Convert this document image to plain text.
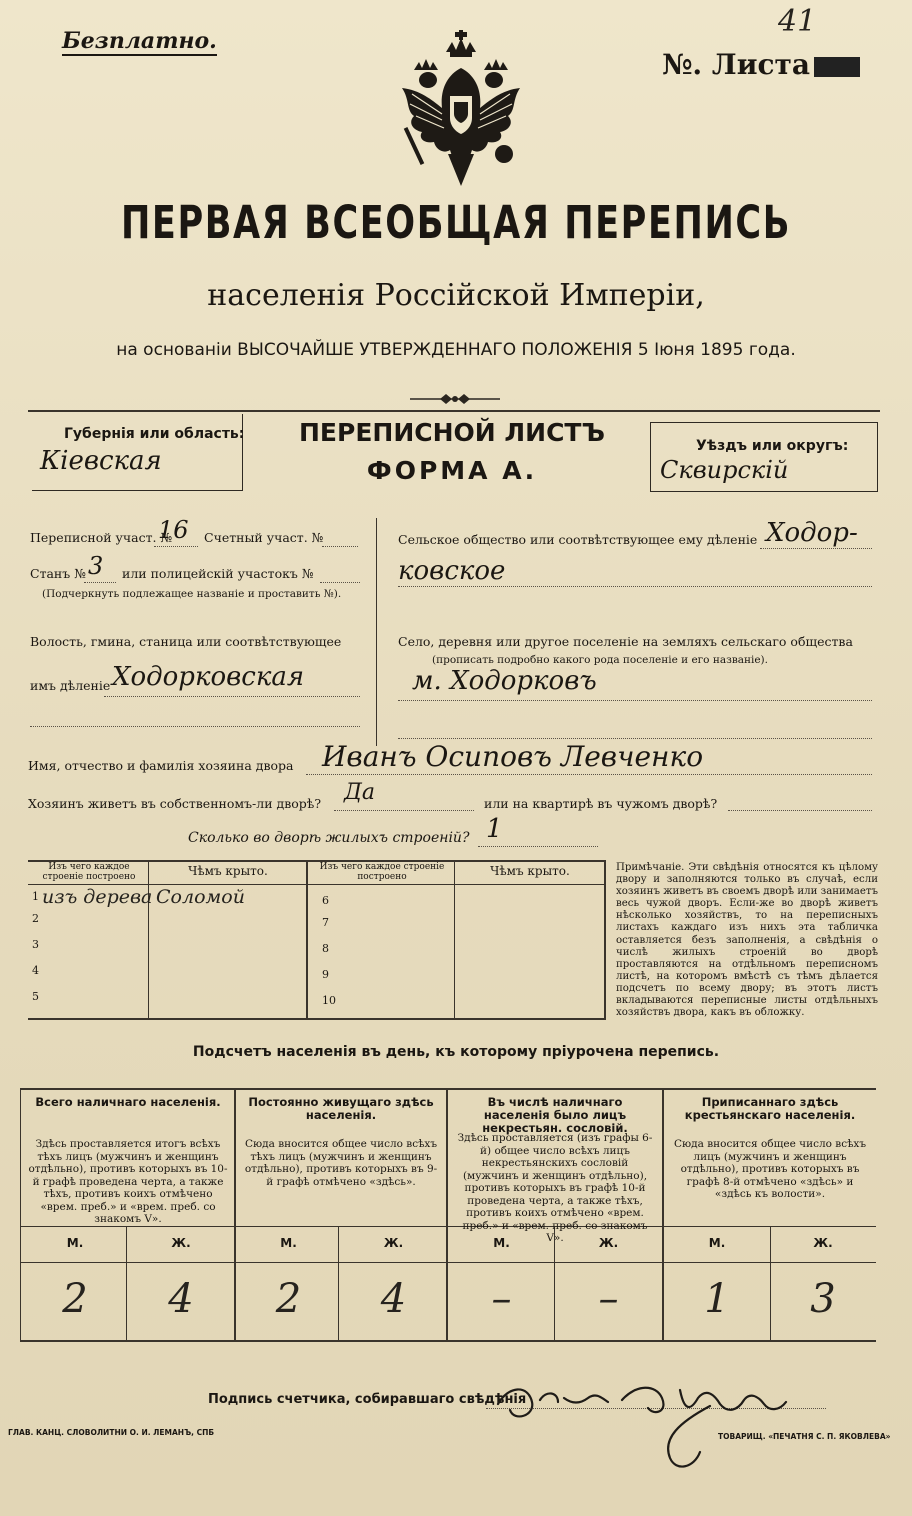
Безплатно.
41
№. Листа
ПЕРВАЯ ВСЕОБЩАЯ ПЕРЕПИСЬ
населенія Россійской Имперіи,
на основаніи ВЫСОЧАЙШЕ УТВЕРЖДЕННАГО ПОЛОЖЕНІЯ 5 Іюня 1895 года.
Губернія или область:
Кіевская
ПЕРЕПИСНОЙ ЛИСТЪ
ФОРМА А.
Уѣздъ или округъ:
Сквирскій
Переписной участ. №
16 Счетный участ. №
Станъ № 3 или полицейскій участокъ №
(Подчеркнуть подлежащее названіе и проставить №).
Волость, гмина, станица или соотвѣтствующее
имъ дѣленіе Ходорковская
Сельское общество или соотвѣтствующее ему дѣленіе Ходор-
ковское
Село, деревня или другое поселеніе на земляхъ сельскаго общества
(прописать подробно какого рода поселеніе и его названіе).
м. Ходорковъ
Имя, отчество и фамилія хозяина двора Иванъ Осиповъ Левченко
Хозяинъ живетъ въ собственномъ-ли дворѣ? Да	или на квартирѣ въ чужомъ дворѣ?
Сколько во дворѣ жилыхъ строеній? 1
Изъ чего каждое строеніе построено	Чѣмъ крыто.	Изъ чего каждое строеніе построено	Чѣмъ крыто.
1 изъ дерева Соломой
2
3
4
5
6
7
8
9
10
Примѣчаніе. Эти свѣдѣнія относятся къ цѣлому двору и заполняются только въ случаѣ, если хозяинъ живетъ въ своемъ дворѣ или занимаетъ весь чужой дворъ. Если-же во дворѣ живетъ нѣсколько хозяйствъ, то на переписныхъ листахъ каждаго изъ нихъ эта табличка оставляется безъ заполненія, а свѣдѣнія о числѣ жилыхъ строеній во дворѣ проставляются на отдѣльномъ переписномъ листѣ, на которомъ вмѣстѣ съ тѣмъ дѣлается подсчетъ по всему двору; въ этотъ листъ вкладываются переписные листы отдѣльныхъ хозяйствъ двора, какъ въ обложку.
Подсчетъ населенія въ день, къ которому пріурочена перепись.
Всего наличнаго населенія.
Здѣсь проставляется итогъ всѣхъ тѣхъ лицъ (мужчинъ и женщинъ отдѣльно), противъ которыхъ въ 10-й графѣ проведена черта, а также тѣхъ, противъ коихъ отмѣчено «врем. преб.» и «врем. преб. со знакомъ V».
М.
2
Ж.
4
Постоянно живущаго здѣсь населенія.
Сюда вносится общее число всѣхъ тѣхъ лицъ (мужчинъ и женщинъ отдѣльно), противъ которыхъ въ 9-й графѣ отмѣчено «здѣсь».
М.
2
Ж.
4
Въ числѣ наличнаго населенія было лицъ некрестьян. сословій.
Здѣсь проставляется (изъ графы 6-й) общее число всѣхъ лицъ некрестьянскихъ сословій (мужчинъ и женщинъ отдѣльно), противъ которыхъ въ графѣ 10-й проведена черта, а также тѣхъ, противъ коихъ отмѣчено «врем. преб.» и «врем. преб. со знакомъ V».
М.
–
Ж.
–
Приписаннаго здѣсь крестьянскаго населенія.
Сюда вносится общее число всѣхъ лицъ (мужчинъ и женщинъ отдѣльно), противъ которыхъ въ графѣ 8-й отмѣчено «здѣсь» и «здѣсь къ волости».
М.
1
Ж.
3
Подпись счетчика, собиравшаго свѣдѣнія
ГЛАВ. КАНЦ. СЛОВОЛИТНИ О. И. ЛЕМАНЪ, СПБ	ТОВАРИЩ. «ПЕЧАТНЯ С. П. ЯКОВЛЕВА»
